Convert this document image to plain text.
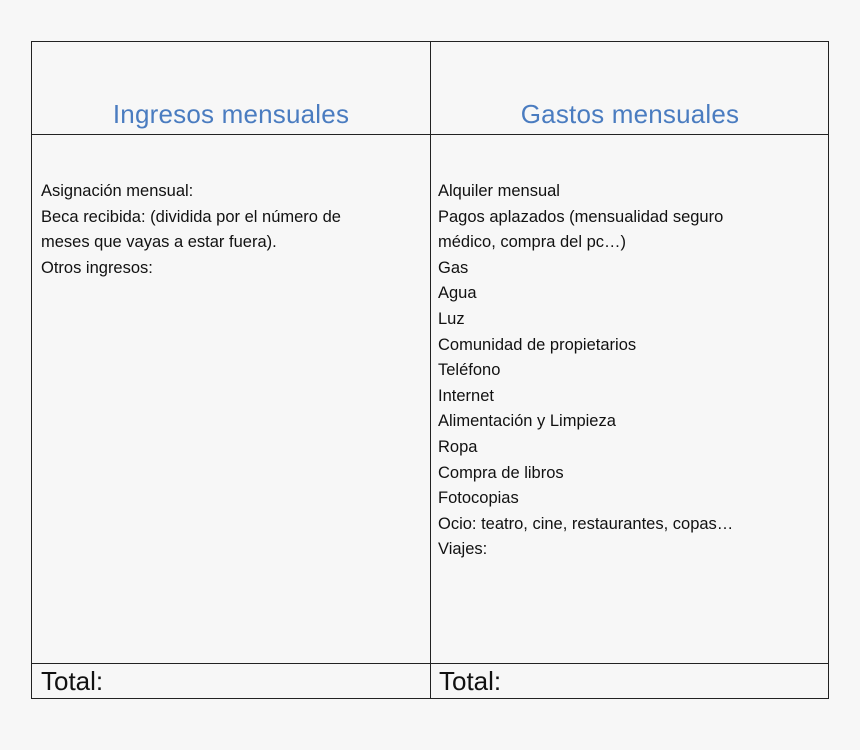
Ingresos mensuales	Gastos mensuales
Asignación mensual:
Beca recibida: (dividida por el número de
meses que vayas a estar fuera).
Otros ingresos:
Alquiler mensual
Pagos aplazados (mensualidad seguro
médico, compra del pc…)
Gas
Agua
Luz
Comunidad de propietarios
Teléfono
Internet
Alimentación y Limpieza
Ropa
Compra de libros
Fotocopias
Ocio: teatro, cine, restaurantes, copas…
Viajes:
Total:	Total:
